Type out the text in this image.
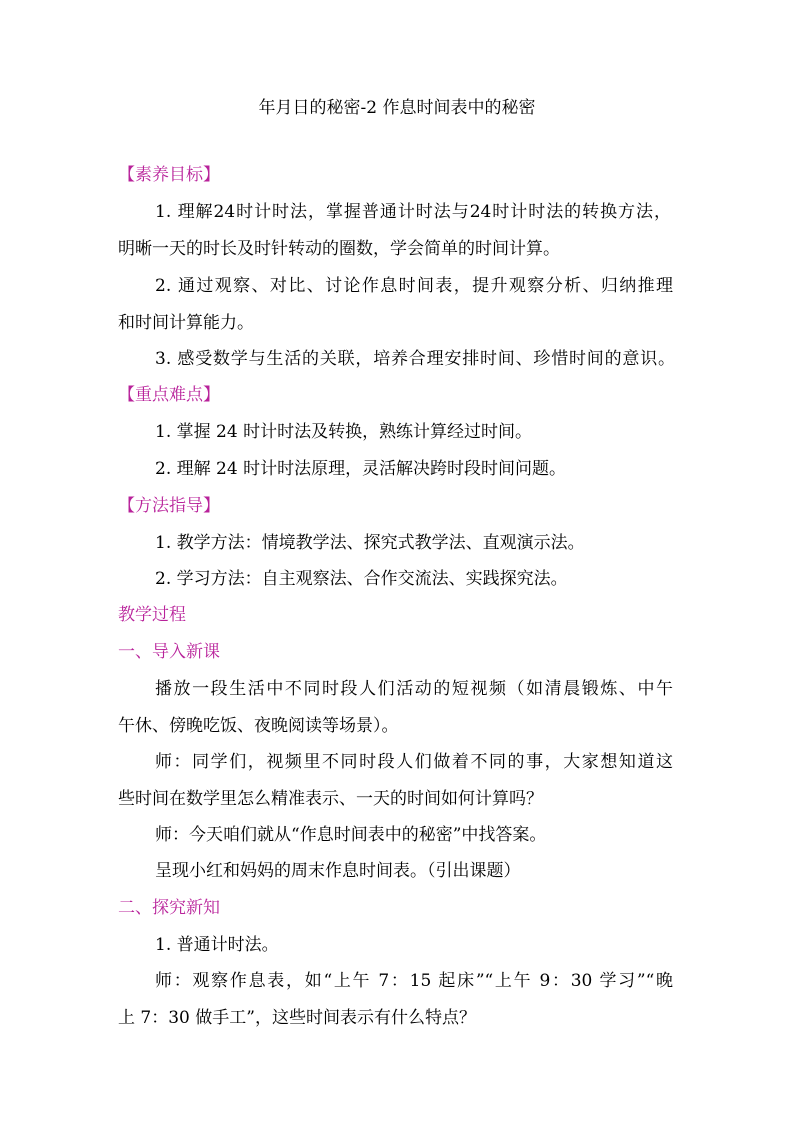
年月日的秘密-2 作息时间表中的秘密
【素养目标】
1. 理解24时计时法，掌握普通计时法与24时计时法的转换方法，
明晰一天的时长及时针转动的圈数，学会简单的时间计算。
2. 通过观察、对比、讨论作息时间表，提升观察分析、归纳推理
和时间计算能力。
3. 感受数学与生活的关联，培养合理安排时间、珍惜时间的意识。
【重点难点】
1. 掌握 24 时计时法及转换，熟练计算经过时间。
2. 理解 24 时计时法原理，灵活解决跨时段时间问题。
【方法指导】
1. 教学方法：情境教学法、探究式教学法、直观演示法。
2. 学习方法：自主观察法、合作交流法、实践探究法。
教学过程
一、导入新课
播放一段生活中不同时段人们活动的短视频（如清晨锻炼、中午
午休、傍晚吃饭、夜晚阅读等场景）。
师：同学们，视频里不同时段人们做着不同的事，大家想知道这
些时间在数学里怎么精准表示、一天的时间如何计算吗？
师：今天咱们就从“作息时间表中的秘密”中找答案。
呈现小红和妈妈的周末作息时间表。（引出课题）
二、探究新知
1. 普通计时法。
师：观察作息表，如“上午 7：15 起床”“上午 9：30 学习”“晚
上 7：30 做手工”，这些时间表示有什么特点？
